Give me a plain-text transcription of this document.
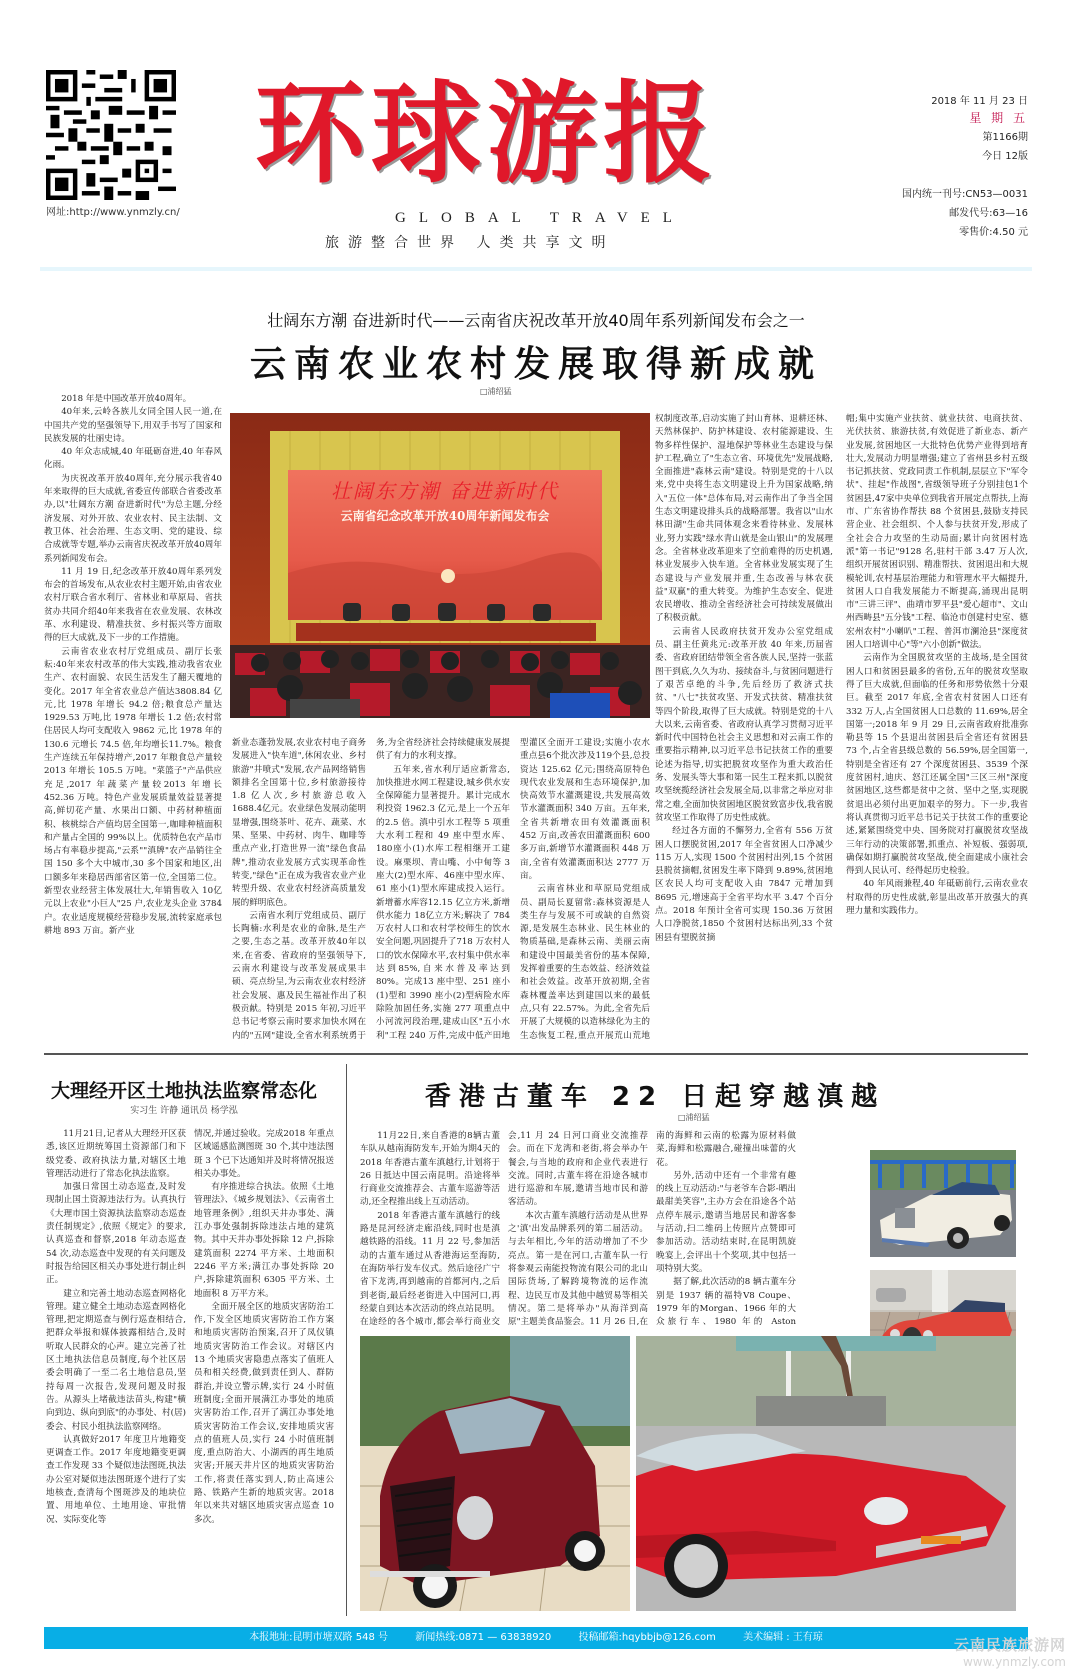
网址:http://www.ynmzly.cn/
环球游报
GLOBAL TRAVEL
旅游整合世界 人类共享文明
2018 年 11 月 23 日
星 期 五
第1166期
今日 12版
国内统一刊号:CN53—0031
邮发代号:63—16
零售价:4.50 元
壮阔东方潮 奋进新时代——云南省庆祝改革开放40周年系列新闻发布会之一
云南农业农村发展取得新成就
□浦绍猛

2018 年是中国改革开放40周年。

40年来,云岭各族儿女同全国人民一道,在中国共产党的坚强领导下,用双手书写了国家和民族发展的壮丽史诗。

40 年众志成城,40 年砥砺奋进,40 年春风化雨。

为庆祝改革开放40周年,充分展示我省40年来取得的巨大成就,省委宣传部联合省委改革办,以"壮阔东方潮 奋进新时代"为总主题,分经济发展、对外开放、农业农村、民主法制、文教卫体、社会治理、生态文明、党的建设、综合成就等专题,举办云南省庆祝改革开放40周年系列新闻发布会。

11 月 19 日,纪念改革开放40周年系列发布会的首场发布,从农业农村主题开始,由省农业农村厅联合省水利厅、省林业和草原局、省扶贫办共同介绍40年来我省在农业发展、农林改革、水利建设、精准扶贫、乡村振兴等方面取得的巨大成就,及下一步的工作措施。

云南省农业农村厅党组成员、副厅长张耘:40年来农村改革的伟大实践,推动我省农业生产、农村面貌、农民生活发生了翻天覆地的变化。2017 年全省农业总产值达3808.84 亿元,比 1978 年增长 94.2 倍;粮食总产量达 1929.53 万吨,比 1978 年增长 1.2 倍;农村常住居民人均可支配收入 9862 元,比 1978 年的 130.6 元增长 74.5 倍,年均增长11.7%。粮食生产连续五年保持增产,2017 年粮食总产量较2013 年增长 105.5 万吨。"菜篮子"产品供应充足,2017 年蔬菜产量较2013 年增长 452.36 万吨。特色产业发展质量效益显著提高,鲜切花产量、水果出口额、中药材种植面积、核桃综合产值均居全国第一,咖啡种植面积和产量占全国的 99%以上。优质特色农产品市场占有率稳步提高,"云系""滇牌"农产品销往全国 150 多个大中城市,30 多个国家和地区,出口额多年来稳居西部省区第一位,全国第二位。新型农业经营主体发展壮大,年销售收入 10亿元以上农业"小巨人"25 户,农业龙头企业 3784 户。农业适度规模经营稳步发展,流转家庭承包耕地 893 万亩。新产业

壮阔东方潮 奋进新时代
云南省纪念改革开放40周年新闻发布会

新业态蓬勃发展,农业农村电子商务发展进入"快车道",休闲农业、乡村旅游"井喷式"发展,农产品网络销售额排名全国第十位,乡村旅游接待1.8 亿人次,乡村旅游总收入1688.4亿元。农业绿色发展动能明显增强,围绕茶叶、花卉、蔬菜、水果、坚果、中药材、肉牛、咖啡等重点产业,打造世界一流"绿色食品牌",推动农业发展方式实现革命性转变,"绿色"正在成为我省农业产业转型升级、农业农村经济高质量发展的鲜明底色。

云南省水利厅党组成员、副厅长陶楠:水利是农业的命脉,是生产之要,生态之基。改革开放40年以来,在省委、省政府的坚强领导下,云南水利建设与改革发展成果丰硕、亮点纷呈,为云南农业农村经济社会发展、惠及民生福祉作出了积极贡献。特别是 2015 年初,习近平总书记考察云南时要求加快水网在内的"五网"建设,全省水利系统勇于

务,为全省经济社会持续健康发展提供了有力的水利支撑。

五年来,省水利厅适应新常态,加快推进水网工程建设,城乡供水安全保障能力显著提升。累计完成水利投资 1962.3 亿元,是上一个五年的2.5 倍。滇中引水工程等 5 项重大水利工程和 49 座中型水库、180座小(1)水库工程相继开工建设。麻栗坝、青山嘴、小中甸等 3 座大(2)型水库、46座中型水库、61 座小(1)型水库建成投入运行。新增蓄水库容12.15 亿立方米,新增供水能力 18亿立方米;解决了 784 万农村人口和农村学校师生的饮水安全问题,巩固提升了718 万农村人口的饮水保障水平,农村集中供水率达到85%,自来水普及率达到 80%。完成13 座中型、251 座小(1)型和 3990 座小(2)型病险水库除险加固任务,实施 277 项重点中小河流河段治理,建成山区"五小水利"工程 240 万件,完成中低产田地

型灌区全面开工建设;实施小农水重点县6个批次涉及119个县,总投资达 125.62 亿元;围绕高原特色现代农业发展和生态环境保护,加快高效节水灌溉建设,共发展高效节水灌溉面积 340 万亩。五年来,全省共新增农田有效灌溉面积 452 万亩,改善农田灌溉面积 600 多万亩,新增节水灌溉面积 448 万亩,全省有效灌溉面积达 2777 万亩。

云南省林业和草原局党组成员、副局长夏留常:森林资源是人类生存与发展不可或缺的自然资源,是发展生态林业、民生林业的物质基础,是森林云南、美丽云南和建设中国最美省份的基本保障,发挥着重要的生态效益、经济效益和社会效益。改革开放初期,全省森林覆盖率达到建国以来的最低点,只有 22.57%。为此,全省先后开展了大规模的以造林绿化为主的生态恢复工程,重点开展荒山荒地

权制度改革,启动实施了封山育林、退耕还林、天然林保护、防护林建设、农村能源建设、生物多样性保护、湿地保护等林业生态建设与保护工程,确立了"生态立省、环境优先"发展战略,全面推进"森林云南"建设。特别是党的十八以来,党中央将生态文明建设上升为国家战略,纳入"五位一体"总体布局,对云南作出了争当全国生态文明建设排头兵的战略部署。我省以"山水林田湖"生命共同体观念来看待林业、发展林业,努力实践"绿水青山就是金山银山"的发展理念。全省林业改革迎来了空前难得的历史机遇,林业发展步入快车道。全省林业发展实现了生态建设与产业发展并重,生态改善与林农获益"双赢"的重大转变。为维护生态安全、促进农民增收、推动全省经济社会可持续发展做出了积极贡献。

云南省人民政府扶贫开发办公室党组成员、副主任黄兆元:改革开放 40 年来,历届省委、省政府团结带领全省各族人民,坚持一张蓝图干到底,久久为功、接续奋斗,与贫困问题进行了艰苦卓绝的斗争,先后经历了救济式扶贫、"八七"扶贫攻坚、开发式扶贫、精准扶贫等四个阶段,取得了巨大成就。特别是党的十八大以来,云南省委、省政府认真学习贯彻习近平新时代中国特色社会主义思想和对云南工作的重要指示精神,以习近平总书记扶贫工作的重要论述为指导,切实把脱贫攻坚作为重大政治任务、发展头等大事和第一民生工程来抓,以脱贫攻坚统揽经济社会发展全局,以非常之举应对非常之难,全面加快贫困地区脱贫致富步伐,我省脱贫攻坚工作取得了历史性成就。

经过各方面的不懈努力,全省有 556 万贫困人口摆脱贫困,2017 年全省贫困人口净减少 115 万人,实现 1500 个贫困村出列,15 个贫困县脱贫摘帽,贫困发生率下降到 9.89%,贫困地区农民人均可支配收入由 7847 元增加到 8695 元,增速高于全省平均水平 3.47 个百分点。2018 年预计全省可实现 150.36 万贫困人口净脱贫,1850 个贫困村达标出列,33 个贫困县有望脱贫摘

帽;集中实施产业扶贫、就业扶贫、电商扶贫、光伏扶贫、旅游扶贫,有效促进了新业态、新产业发展,贫困地区一大批特色优势产业得到培育壮大,发展动力明显增强;建立了省州县乡村五级书记抓扶贫、党政同责工作机制,层层立下"军令状"、挂起"作战图",省级领导班子分别挂包1个贫困县,47家中央单位到我省开展定点帮扶,上海市、广东省协作帮扶 88 个贫困县,鼓励支持民营企业、社会组织、个人参与扶贫开发,形成了全社会合力攻坚的生动局面;累计向贫困村选派"第一书记"9128 名,驻村干部 3.47 万人次,组织开展贫困识别、精准帮扶、贫困退出和大规模轮训,农村基层治理能力和管理水平大幅提升,贫困人口自我发展能力不断提高,涌现出昆明市"三讲三评"、曲靖市罗平县"爱心超市"、文山州西畴县"五分钱"工程、临沧市创建村史室、德宏州农村"小喇叭"工程、普洱市澜沧县"深度贫困人口培训中心"等"六小创新"做法。

云南作为全国脱贫攻坚的主战场,是全国贫困人口和贫困县最多的省份,五年的脱贫攻坚取得了巨大成就,但面临的任务和形势依然十分艰巨。截至 2017 年底,全省农村贫困人口还有 332 万人,占全国贫困人口总数的 11.69%,居全国第一;2018 年 9 月 29 日,云南省政府批准弥勒县等 15 个县退出贫困县后全省还有贫困县 73 个,占全省县级总数的 56.59%,居全国第一,特别是全省还有 27 个深度贫困县、3539 个深度贫困村,迪庆、怒江还属全国"三区三州"深度贫困地区,这些都是贫中之贫、坚中之坚,实现脱贫退出必须付出更加艰辛的努力。下一步,我省将认真贯彻习近平总书记关于扶贫工作的重要论述,紧紧围绕党中央、国务院对打赢脱贫攻坚战三年行动的决策部署,抓重点、补短板、强弱项,确保如期打赢脱贫攻坚战,使全面建成小康社会得到人民认可、经得起历史检验。

40 年风雨兼程,40 年砥砺前行,云南农业农村取得的历史性成就,彰显出改革开放强大的真理力量和实践伟力。

大理经开区土地执法监察常态化
实习生 许静 通讯员 杨学泓

11月21日,记者从大理经开区获悉,该区近期统筹国土资源部门和下级党委、政府执法力量,对辖区土地管理活动进行了常态化执法监察。

加强日常国土动态巡查,及时发现制止国土资源违法行为。认真执行《大理市国土资源执法监察动态巡查责任制规定》,依照《规定》的要求,认真巡查和督察,2018 年动态巡查 54 次,动态巡查中发现的有关问题及时报告给园区相关办事处进行制止纠正。

建立和完善土地动态巡查网格化管理。建立健全土地动态巡查网格化管理,把定期巡查与例行巡查相结合,把群众举报和媒体披露相结合,及时听取人民群众的心声。建立完善了社区土地执法信息员制度,每个社区居委会明确了一至二名土地信息员,坚持每周一次报告,发现问题及时报告。从源头上堵截违法苗头,构建"横向到边、纵向到底"的办事处、村(居)委会、村民小组执法监察网络。

认真做好2017 年度卫片地籍变更调查工作。2017 年度地籍变更调查工作发现 33 个疑似违法图斑,执法办公室对疑似违法图斑逐个进行了实地核查,查清每个图斑涉及的地块位置、用地单位、土地用途、审批情况、实际变化等

情况,并通过验收。完成2018 年重点区域遥感监测图斑 30 个,其中违法图斑 3 个已下达通知并及时将情况报送相关办事处。

有序推进综合执法。依照《土地管理法》、《城乡规划法》、《云南省土地管理条例》,组织天井办事处、满江办事处强制拆除违法占地的建筑物。其中天井办事处拆除 12 户,拆除建筑面积 2274 平方米、土地面积 2246 平方米;满江办事处拆除 20 户,拆除建筑面积 6305 平方米、土地面积 8 万平方米。

全面开展全区的地质灾害防治工作,下发全区地质灾害防治工作方案和地质灾害防治预案,召开了凤仪镇地质灾害防治工作会议。对辖区内 13 个地质灾害隐患点落实了值班人员和相关经费,做到责任到人、群防群治,并设立警示牌,实行 24 小时值班制度;全面开展满江办事处的地质灾害防治工作,召开了满江办事处地质灾害防治工作会议,安排地质灾害点的值班人员,实行 24 小时值班制度,重点防治大、小湖西的再生地质灾害;开展天井片区的地质灾害防治工作,将责任落实到人,防止高速公路、铁路产生新的地质灾害。2018 年以来共对辖区地质灾害点巡查 10 多次。

香港古董车 22 日起穿越滇越
□浦绍猛

11月22日,来自香港的8辆古董车队从越南海防发车,开始为期4天的2018 年香港古董车滇越行,计划将于 26 日抵达中国云南昆明。沿途将举行商业交流推荐会、古董车巡游等活动,还全程推出线上互动活动。

2018 年香港古董车滇越行的线路是昆河经济走廊沿线,同时也是滇越铁路的沿线。11 月 22 号,参加活动的古董车通过从香港海运至海防,在海防举行发车仪式。然后途径广宁省下龙湾,再到越南的首都河内,之后到老街,最后经老街进入中国河口,再经蒙自到达本次活动的终点站昆明。在途经的各个城市,都会举行商业交

会,11 月 24 日河口商业交流推荐会。而在下龙湾和老街,将会举办午餐会,与当地的政府和企业代表进行交流。同时,古董车将在沿途各城市进行巡游和车展,邀请当地市民和游客活动。

本次古董车滇越行活动是从世界之'滇'出发品牌系列的第二届活动。与去年相比,今年的活动增加了不少亮点。第一是在河口,古董车队一行将参观云南能投物流有限公司的北山国际货场,了解跨境物流的运作流程、边民互市及其他中越贸易等相关情况。第二是将举办"从海洋到高原"主题美食品鉴会。11 月 26 日,在

南的海鲜和云南的松露为原材料做菜,海鲜和松露融合,碰撞出味蕾的火花。

另外,活动中还有一个非常有趣的线上互动活动:"与老爷车合影-晒出最甜美笑容",主办方会在沿途各个站点停车展示,邀请当地居民和游客参与活动,扫二维码上传照片点赞即可参加活动。活动结束时,在昆明凯旋晚宴上,会评出十个奖项,其中包括一项特别大奖。

据了解,此次活动的8 辆古董车分别是 1937 辆的福特V8 Coupe、1979 年的Morgan、1966 年的大众旅行车、1980 年的 Aston

本报地址:昆明市塘双路 548 号	新闻热线:0871 — 63838920	投稿邮箱:hqybbjb@126.com	美术编辑 : 王有琼	云南民族旅游网
www.ynmzly.com
